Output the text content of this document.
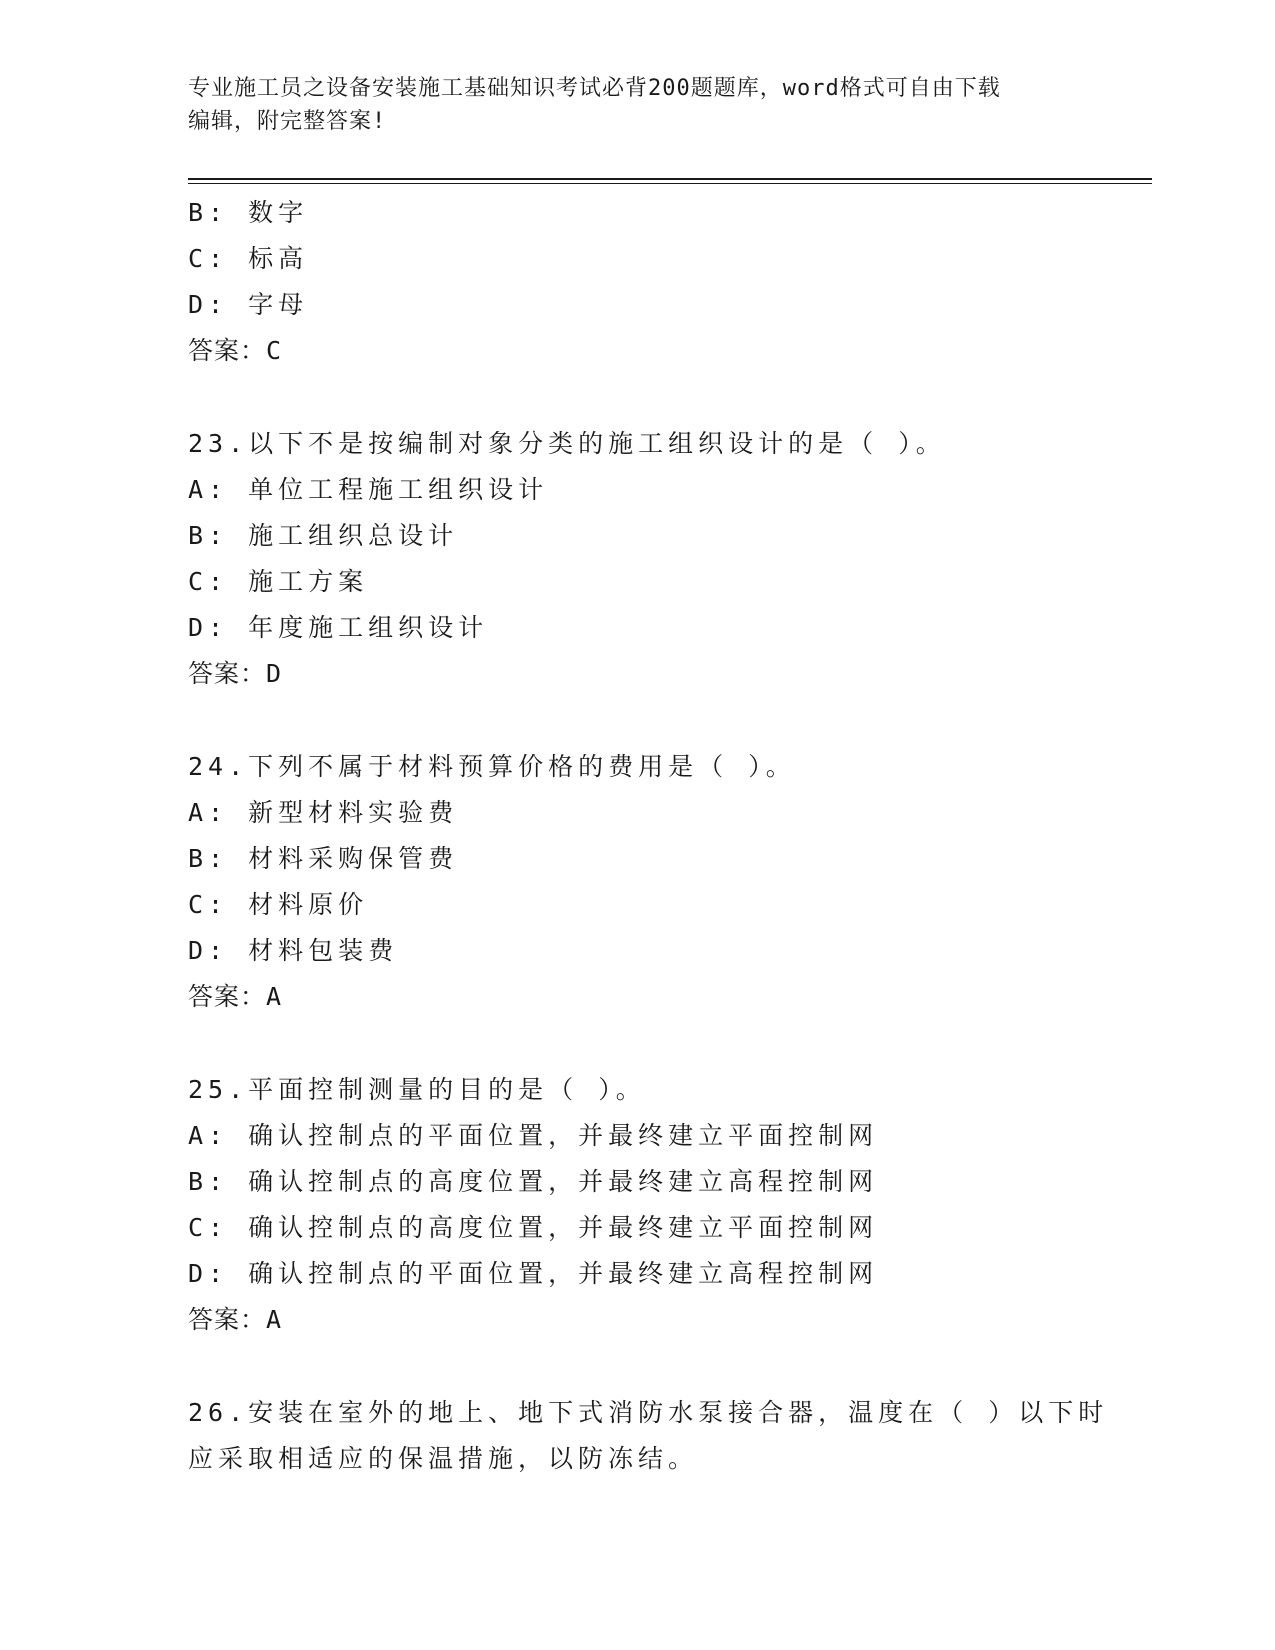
专业施工员之设备安装施工基础知识考试必背200题题库，word格式可自由下载
编辑，附完整答案!
B: 数字
C: 标高
D: 字母
答案：C
23.以下不是按编制对象分类的施工组织设计的是（ ）。
A: 单位工程施工组织设计
B: 施工组织总设计
C: 施工方案
D: 年度施工组织设计
答案：D
24.下列不属于材料预算价格的费用是（ ）。
A: 新型材料实验费
B: 材料采购保管费
C: 材料原价
D: 材料包装费
答案：A
25.平面控制测量的目的是（ ）。
A: 确认控制点的平面位置，并最终建立平面控制网
B: 确认控制点的高度位置，并最终建立高程控制网
C: 确认控制点的高度位置，并最终建立平面控制网
D: 确认控制点的平面位置，并最终建立高程控制网
答案：A
26.安装在室外的地上、地下式消防水泵接合器，温度在（ ）以下时
应采取相适应的保温措施，以防冻结。
